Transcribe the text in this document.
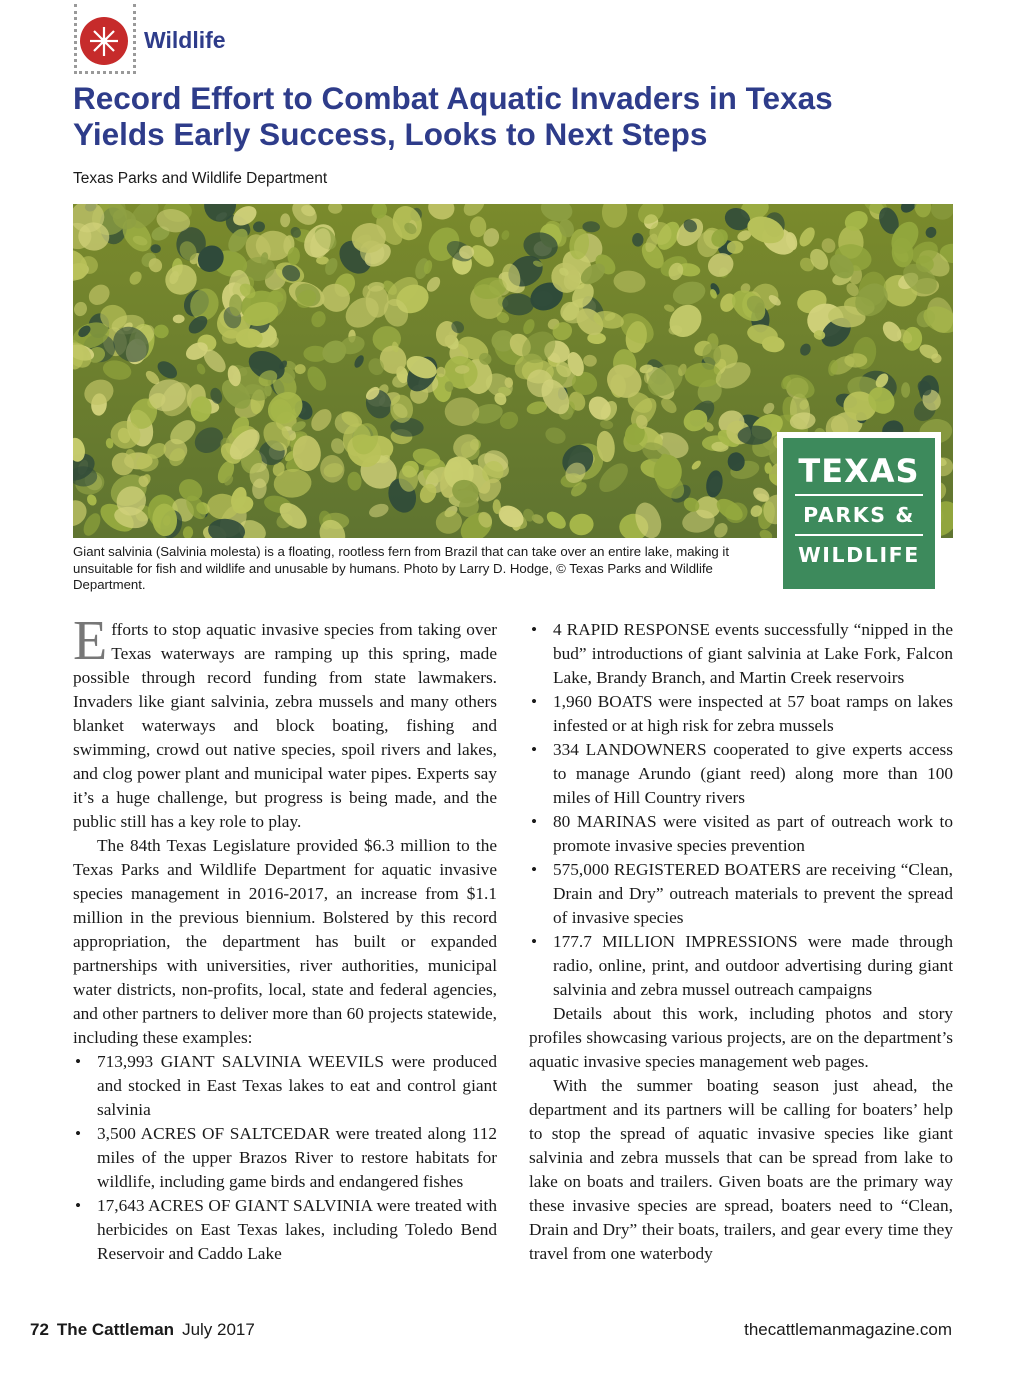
Wildlife
Record Effort to Combat Aquatic Invaders in Texas
Yields Early Success, Looks to Next Steps
Texas Parks and Wildlife Department

Giant salvinia (Salvinia molesta) is a floating, rootless fern from Brazil that can take over an entire lake, making it unsuitable for fish and wildlife and unusable by humans. Photo by Larry D. Hodge, © Texas Parks and Wildlife Department.

TEXAS
PARKS &
WILDLIFE

Efforts to stop aquatic invasive species from taking over Texas waterways are ramping up this spring, made possible through record funding from state lawmakers. Invaders like giant salvinia, zebra mussels and many others blanket waterways and block boating, fishing and swimming, crowd out native species, spoil rivers and lakes, and clog power plant and municipal water pipes. Experts say it’s a huge challenge, but progress is being made, and the public still has a key role to play.

The 84th Texas Legislature provided $6.3 million to the Texas Parks and Wildlife Department for aquatic invasive species management in 2016-2017, an increase from $1.1 million in the previous biennium. Bolstered by this record appropriation, the department has built or expanded partnerships with universities, river authorities, municipal water districts, non-profits, local, state and federal agencies, and other partners to deliver more than 60 projects statewide, including these examples:

• 713,993 GIANT SALVINIA WEEVILS were produced and stocked in East Texas lakes to eat and control giant salvinia
• 3,500 ACRES OF SALTCEDAR were treated along 112 miles of the upper Brazos River to restore habitats for wildlife, including game birds and endangered fishes
• 17,643 ACRES OF GIANT SALVINIA were treated with herbicides on East Texas lakes, including Toledo Bend Reservoir and Caddo Lake
• 4 RAPID RESPONSE events successfully “nipped in the bud” introductions of giant salvinia at Lake Fork, Falcon Lake, Brandy Branch, and Martin Creek reservoirs
• 1,960 BOATS were inspected at 57 boat ramps on lakes infested or at high risk for zebra mussels
• 334 LANDOWNERS cooperated to give experts access to manage Arundo (giant reed) along more than 100 miles of Hill Country rivers
• 80 MARINAS were visited as part of outreach work to promote invasive species prevention
• 575,000 REGISTERED BOATERS are receiving “Clean, Drain and Dry” outreach materials to prevent the spread of invasive species
• 177.7 MILLION IMPRESSIONS were made through radio, online, print, and outdoor advertising during giant salvinia and zebra mussel outreach campaigns

Details about this work, including photos and story profiles showcasing various projects, are on the department’s aquatic invasive species management web pages.

With the summer boating season just ahead, the department and its partners will be calling for boaters’ help to stop the spread of aquatic invasive species like giant salvinia and zebra mussels that can be spread from lake to lake on boats and trailers. Given boats are the primary way these invasive species are spread, boaters need to “Clean, Drain and Dry” their boats, trailers, and gear every time they travel from one waterbody

72 The Cattleman July 2017	thecattlemanmagazine.com
